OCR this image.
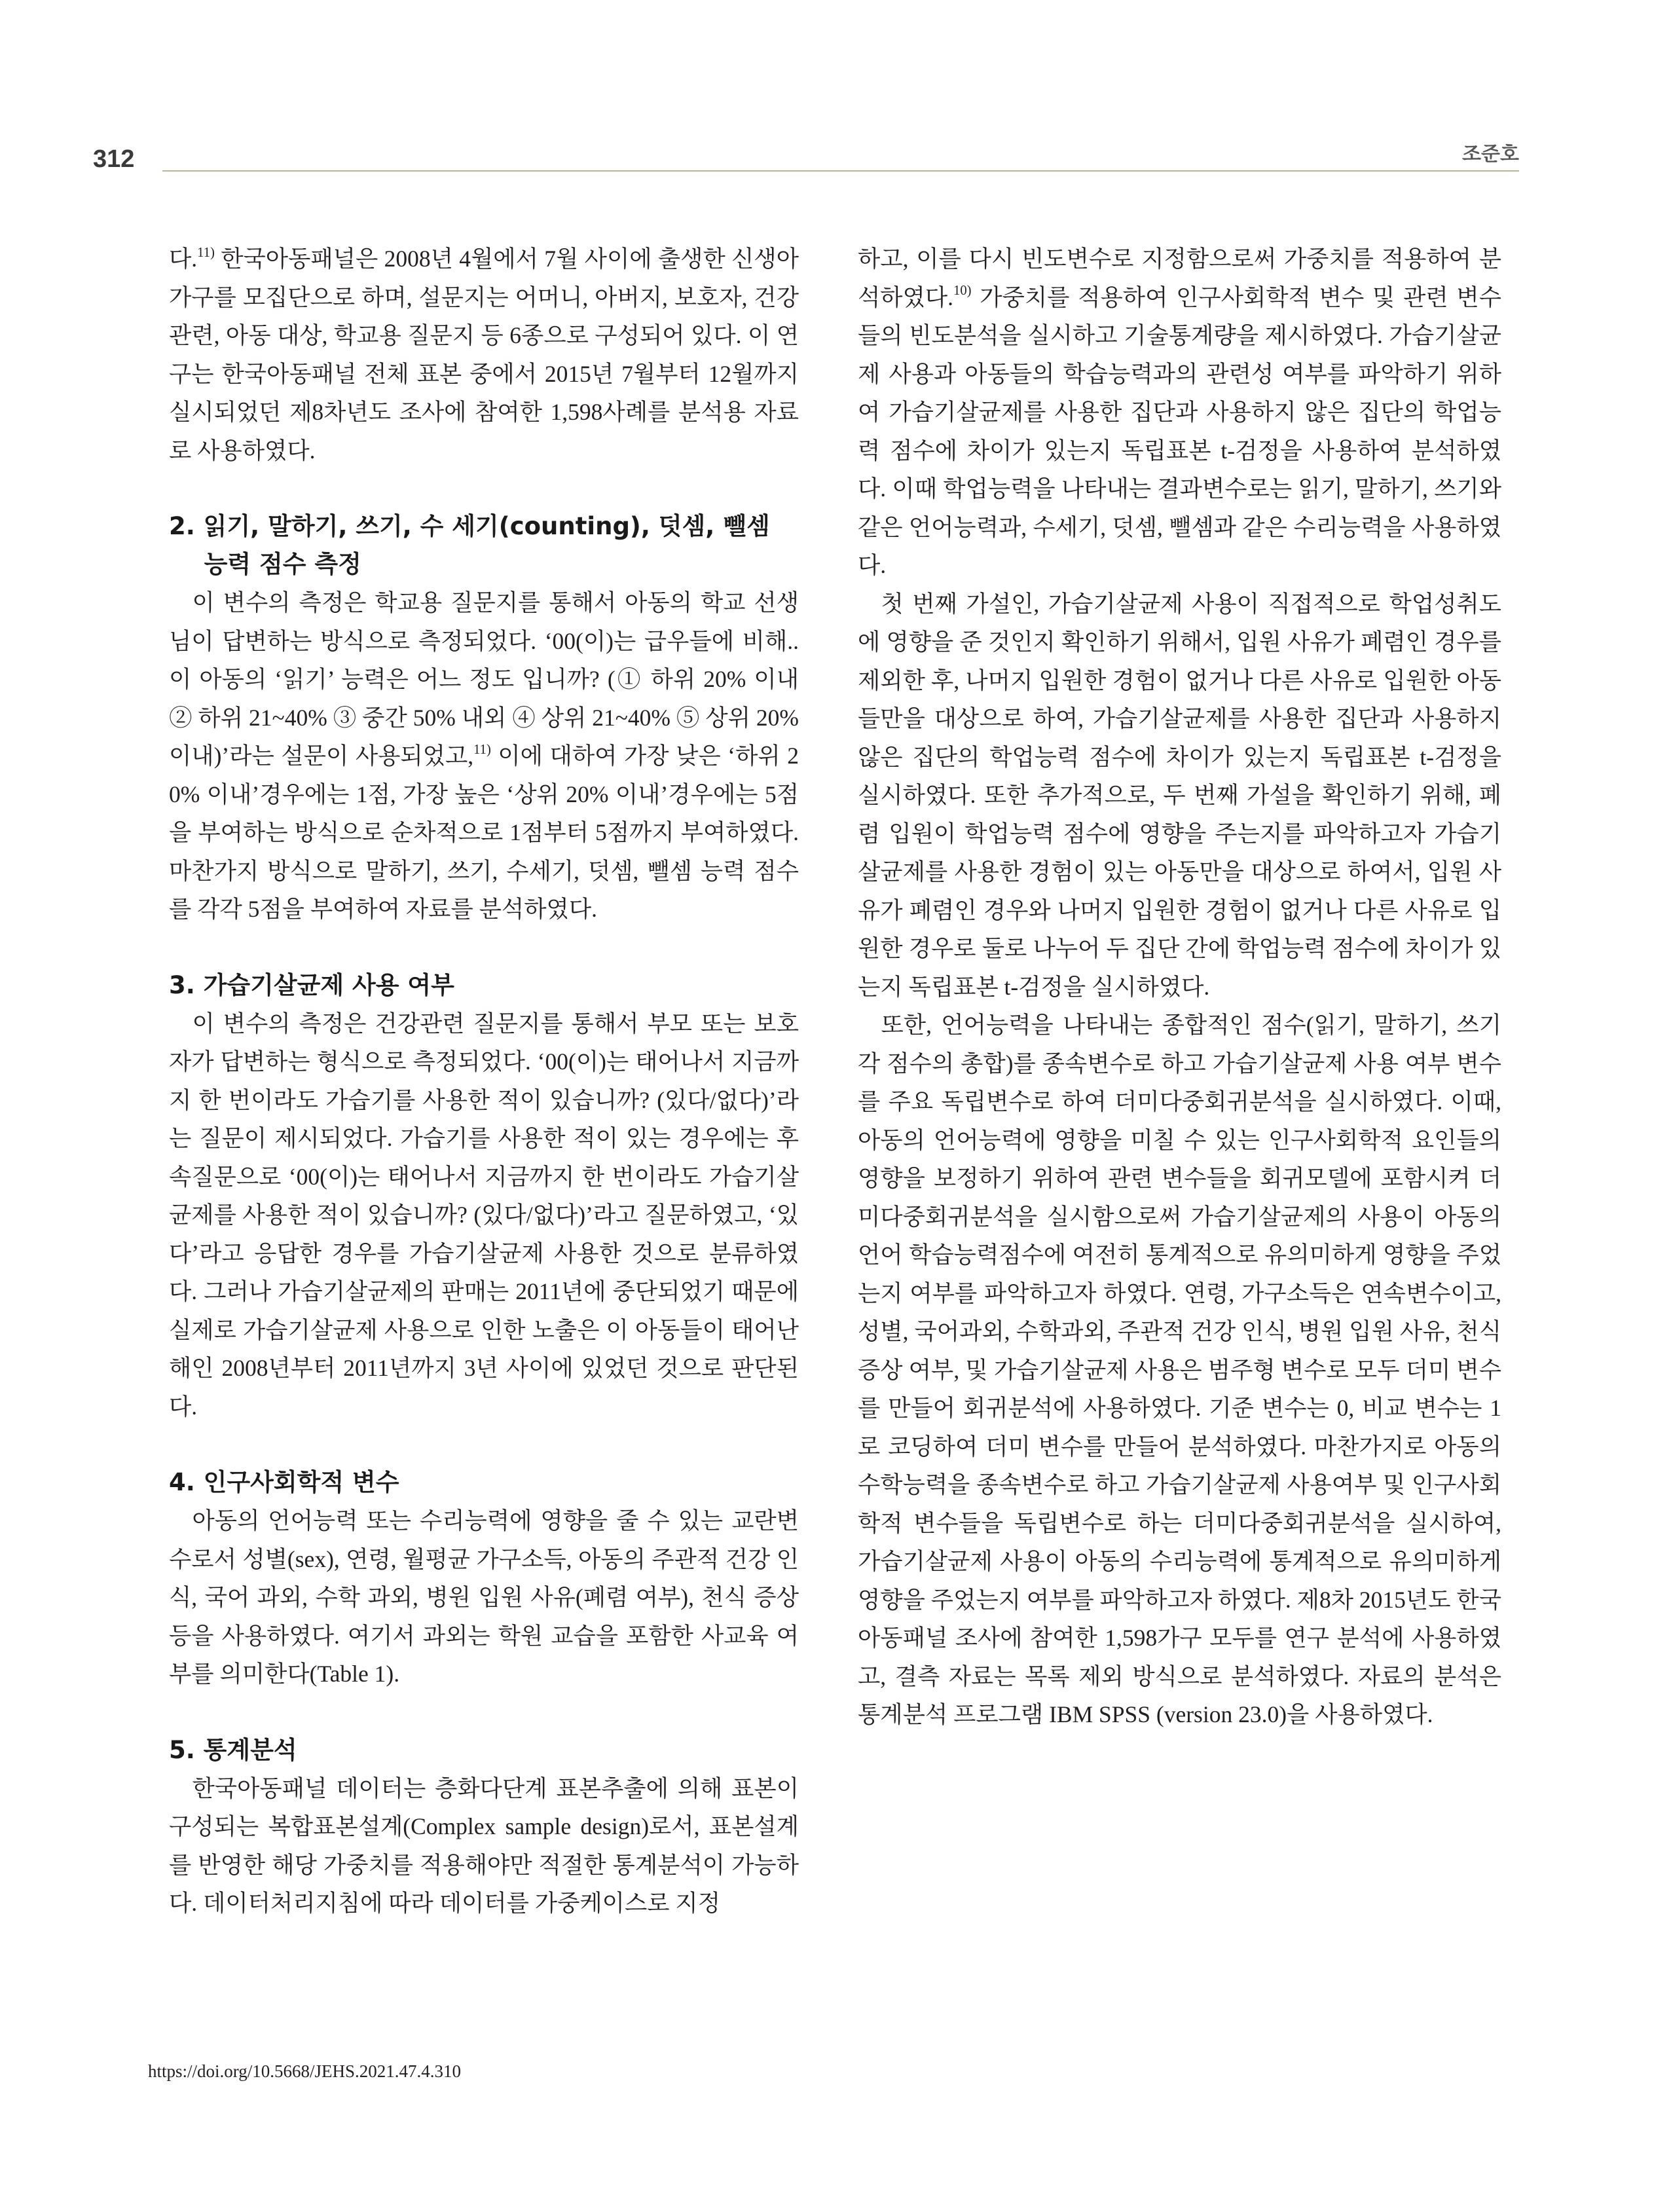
312	조준호

다.$^{11)}$ 한국아동패널은 2008년 4월에서 7월 사이에 출생한 신생아 가구를 모집단으로 하며, 설문지는 어머니, 아버지, 보호자, 건강관련, 아동 대상, 학교용 질문지 등 6종으로 구성되어 있다. 이 연구는 한국아동패널 전체 표본 중에서 2015년 7월부터 12월까지 실시되었던 제8차년도 조사에 참여한 1,598사례를 분석용 자료로 사용하였다.

2. 읽기, 말하기, 쓰기, 수 세기(counting), 덧셈, 뺄셈 능력 점수 측정

이 변수의 측정은 학교용 질문지를 통해서 아동의 학교 선생님이 답변하는 방식으로 측정되었다. ‘00(이)는 급우들에 비해..이 아동의 ‘읽기’ 능력은 어느 정도 입니까? (① 하위 20% 이내 ② 하위 21~40% ③ 중간 50% 내외 ④ 상위 21~40% ⑤ 상위 20% 이내)’라는 설문이 사용되었고,$^{11)}$ 이에 대하여 가장 낮은 ‘하위 20% 이내’경우에는 1점, 가장 높은 ‘상위 20% 이내’경우에는 5점을 부여하는 방식으로 순차적으로 1점부터 5점까지 부여하였다. 마찬가지 방식으로 말하기, 쓰기, 수세기, 덧셈, 뺄셈 능력 점수를 각각 5점을 부여하여 자료를 분석하였다.

3. 가습기살균제 사용 여부

이 변수의 측정은 건강관련 질문지를 통해서 부모 또는 보호자가 답변하는 형식으로 측정되었다. ‘00(이)는 태어나서 지금까지 한 번이라도 가습기를 사용한 적이 있습니까? (있다/없다)’라는 질문이 제시되었다. 가습기를 사용한 적이 있는 경우에는 후속질문으로 ‘00(이)는 태어나서 지금까지 한 번이라도 가습기살균제를 사용한 적이 있습니까? (있다/없다)’라고 질문하였고, ‘있다’라고 응답한 경우를 가습기살균제 사용한 것으로 분류하였다. 그러나 가습기살균제의 판매는 2011년에 중단되었기 때문에 실제로 가습기살균제 사용으로 인한 노출은 이 아동들이 태어난 해인 2008년부터 2011년까지 3년 사이에 있었던 것으로 판단된다.

4. 인구사회학적 변수

아동의 언어능력 또는 수리능력에 영향을 줄 수 있는 교란변수로서 성별(sex), 연령, 월평균 가구소득, 아동의 주관적 건강 인식, 국어 과외, 수학 과외, 병원 입원 사유(폐렴 여부), 천식 증상 등을 사용하였다. 여기서 과외는 학원 교습을 포함한 사교육 여부를 의미한다(Table 1).

5. 통계분석

한국아동패널 데이터는 층화다단계 표본추출에 의해 표본이 구성되는 복합표본설계(Complex sample design)로서, 표본설계를 반영한 해당 가중치를 적용해야만 적절한 통계분석이 가능하다. 데이터처리지침에 따라 데이터를 가중케이스로 지정

하고, 이를 다시 빈도변수로 지정함으로써 가중치를 적용하여 분석하였다.$^{10)}$ 가중치를 적용하여 인구사회학적 변수 및 관련 변수들의 빈도분석을 실시하고 기술통계량을 제시하였다. 가습기살균제 사용과 아동들의 학습능력과의 관련성 여부를 파악하기 위하여 가습기살균제를 사용한 집단과 사용하지 않은 집단의 학업능력 점수에 차이가 있는지 독립표본 t-검정을 사용하여 분석하였다. 이때 학업능력을 나타내는 결과변수로는 읽기, 말하기, 쓰기와 같은 언어능력과, 수세기, 덧셈, 뺄셈과 같은 수리능력을 사용하였다.

첫 번째 가설인, 가습기살균제 사용이 직접적으로 학업성취도에 영향을 준 것인지 확인하기 위해서, 입원 사유가 폐렴인 경우를 제외한 후, 나머지 입원한 경험이 없거나 다른 사유로 입원한 아동들만을 대상으로 하여, 가습기살균제를 사용한 집단과 사용하지 않은 집단의 학업능력 점수에 차이가 있는지 독립표본 t-검정을 실시하였다. 또한 추가적으로, 두 번째 가설을 확인하기 위해, 폐렴 입원이 학업능력 점수에 영향을 주는지를 파악하고자 가습기살균제를 사용한 경험이 있는 아동만을 대상으로 하여서, 입원 사유가 폐렴인 경우와 나머지 입원한 경험이 없거나 다른 사유로 입원한 경우로 둘로 나누어 두 집단 간에 학업능력 점수에 차이가 있는지 독립표본 t-검정을 실시하였다.

또한, 언어능력을 나타내는 종합적인 점수(읽기, 말하기, 쓰기 각 점수의 총합)를 종속변수로 하고 가습기살균제 사용 여부 변수를 주요 독립변수로 하여 더미다중회귀분석을 실시하였다. 이때, 아동의 언어능력에 영향을 미칠 수 있는 인구사회학적 요인들의 영향을 보정하기 위하여 관련 변수들을 회귀모델에 포함시켜 더미다중회귀분석을 실시함으로써 가습기살균제의 사용이 아동의 언어 학습능력점수에 여전히 통계적으로 유의미하게 영향을 주었는지 여부를 파악하고자 하였다. 연령, 가구소득은 연속변수이고, 성별, 국어과외, 수학과외, 주관적 건강 인식, 병원 입원 사유, 천식 증상 여부, 및 가습기살균제 사용은 범주형 변수로 모두 더미 변수를 만들어 회귀분석에 사용하였다. 기준 변수는 0, 비교 변수는 1로 코딩하여 더미 변수를 만들어 분석하였다. 마찬가지로 아동의 수학능력을 종속변수로 하고 가습기살균제 사용여부 및 인구사회학적 변수들을 독립변수로 하는 더미다중회귀분석을 실시하여, 가습기살균제 사용이 아동의 수리능력에 통계적으로 유의미하게 영향을 주었는지 여부를 파악하고자 하였다. 제8차 2015년도 한국아동패널 조사에 참여한 1,598가구 모두를 연구 분석에 사용하였고, 결측 자료는 목록 제외 방식으로 분석하였다. 자료의 분석은 통계분석 프로그램 IBM SPSS (version 23.0)을 사용하였다.

https://doi.org/10.5668/JEHS.2021.47.4.310
